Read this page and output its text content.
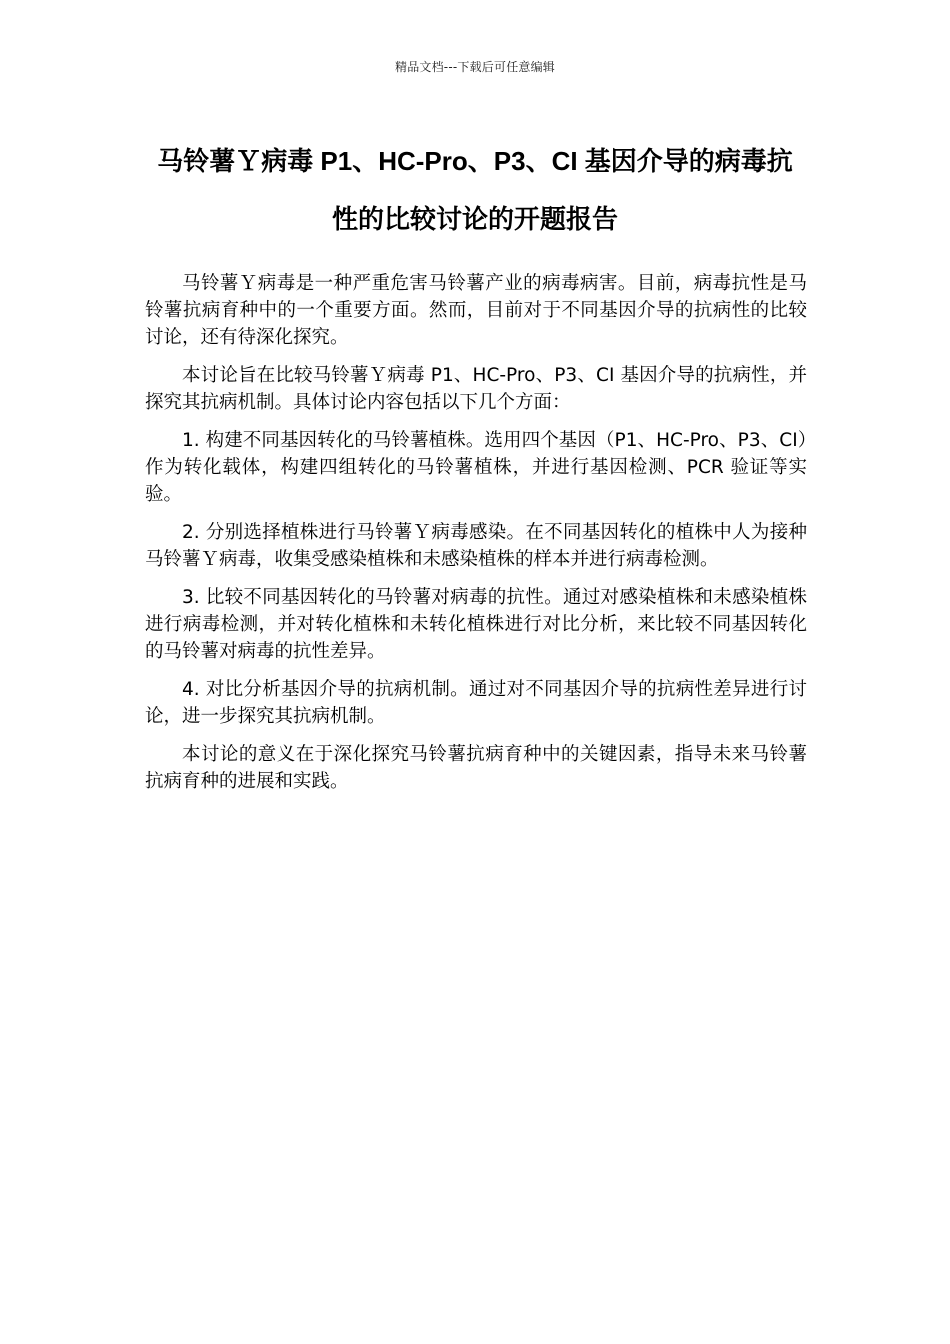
精品文档---下载后可任意编辑
马铃薯Ｙ病毒 P1、HC-Pro、P3、CI 基因介导的病毒抗性的比较讨论的开题报告

马铃薯Ｙ病毒是一种严重危害马铃薯产业的病毒病害。目前，病毒抗性是马铃薯抗病育种中的一个重要方面。然而，目前对于不同基因介导的抗病性的比较讨论，还有待深化探究。

本讨论旨在比较马铃薯Ｙ病毒 P1、HC-Pro、P3、CI 基因介导的抗病性，并探究其抗病机制。具体讨论内容包括以下几个方面：

1. 构建不同基因转化的马铃薯植株。选用四个基因（P1、HC-Pro、P3、CI）作为转化载体，构建四组转化的马铃薯植株，并进行基因检测、PCR 验证等实验。

2. 分别选择植株进行马铃薯Ｙ病毒感染。在不同基因转化的植株中人为接种马铃薯Ｙ病毒，收集受感染植株和未感染植株的样本并进行病毒检测。

3. 比较不同基因转化的马铃薯对病毒的抗性。通过对感染植株和未感染植株进行病毒检测，并对转化植株和未转化植株进行对比分析，来比较不同基因转化的马铃薯对病毒的抗性差异。

4. 对比分析基因介导的抗病机制。通过对不同基因介导的抗病性差异进行讨论，进一步探究其抗病机制。

本讨论的意义在于深化探究马铃薯抗病育种中的关键因素，指导未来马铃薯抗病育种的进展和实践。
